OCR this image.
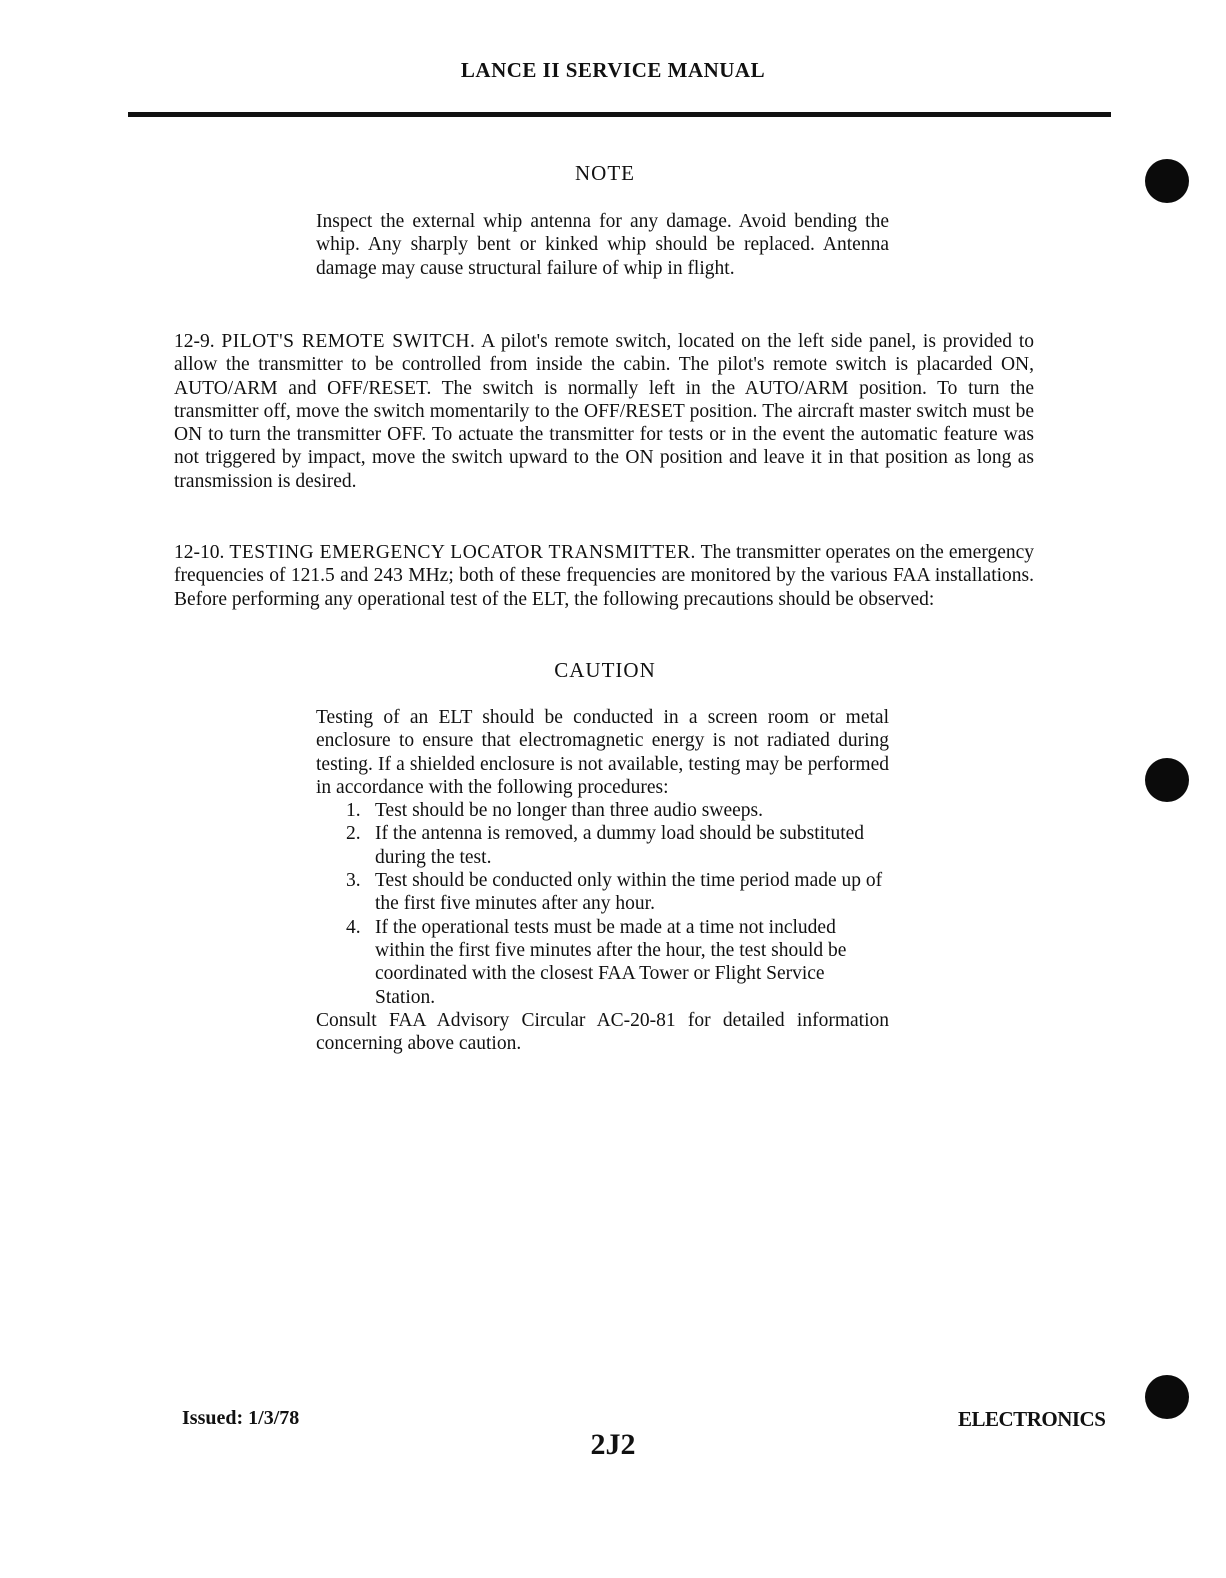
LANCE II SERVICE MANUAL
NOTE

Inspect the external whip antenna for any damage. Avoid bending the whip. Any sharply bent or kinked whip should be replaced. Antenna damage may cause structural failure of whip in flight.

12-9. PILOT'S REMOTE SWITCH. A pilot's remote switch, located on the left side panel, is provided to allow the transmitter to be controlled from inside the cabin. The pilot's remote switch is placarded ON, AUTO/ARM and OFF/RESET. The switch is normally left in the AUTO/ARM position. To turn the transmitter off, move the switch momentarily to the OFF/RESET position. The aircraft master switch must be ON to turn the transmitter OFF. To actuate the transmitter for tests or in the event the automatic feature was not triggered by impact, move the switch upward to the ON position and leave it in that position as long as transmission is desired.

12-10. TESTING EMERGENCY LOCATOR TRANSMITTER. The transmitter operates on the emergency frequencies of 121.5 and 243 MHz; both of these frequencies are monitored by the various FAA installations. Before performing any operational test of the ELT, the following precautions should be observed:

CAUTION

Testing of an ELT should be conducted in a screen room or metal enclosure to ensure that electromagnetic energy is not radiated during testing. If a shielded enclosure is not available, testing may be performed in accordance with the following procedures:

1. Test should be no longer than three audio sweeps.
2. If the antenna is removed, a dummy load should be substituted during the test.
3. Test should be conducted only within the time period made up of the first five minutes after any hour.
4. If the operational tests must be made at a time not included within the first five minutes after the hour, the test should be coordinated with the closest FAA Tower or Flight Service Station.

Consult FAA Advisory Circular AC-20-81 for detailed information concerning above caution.

Issued: 1/3/78	ELECTRONICS
2J2
